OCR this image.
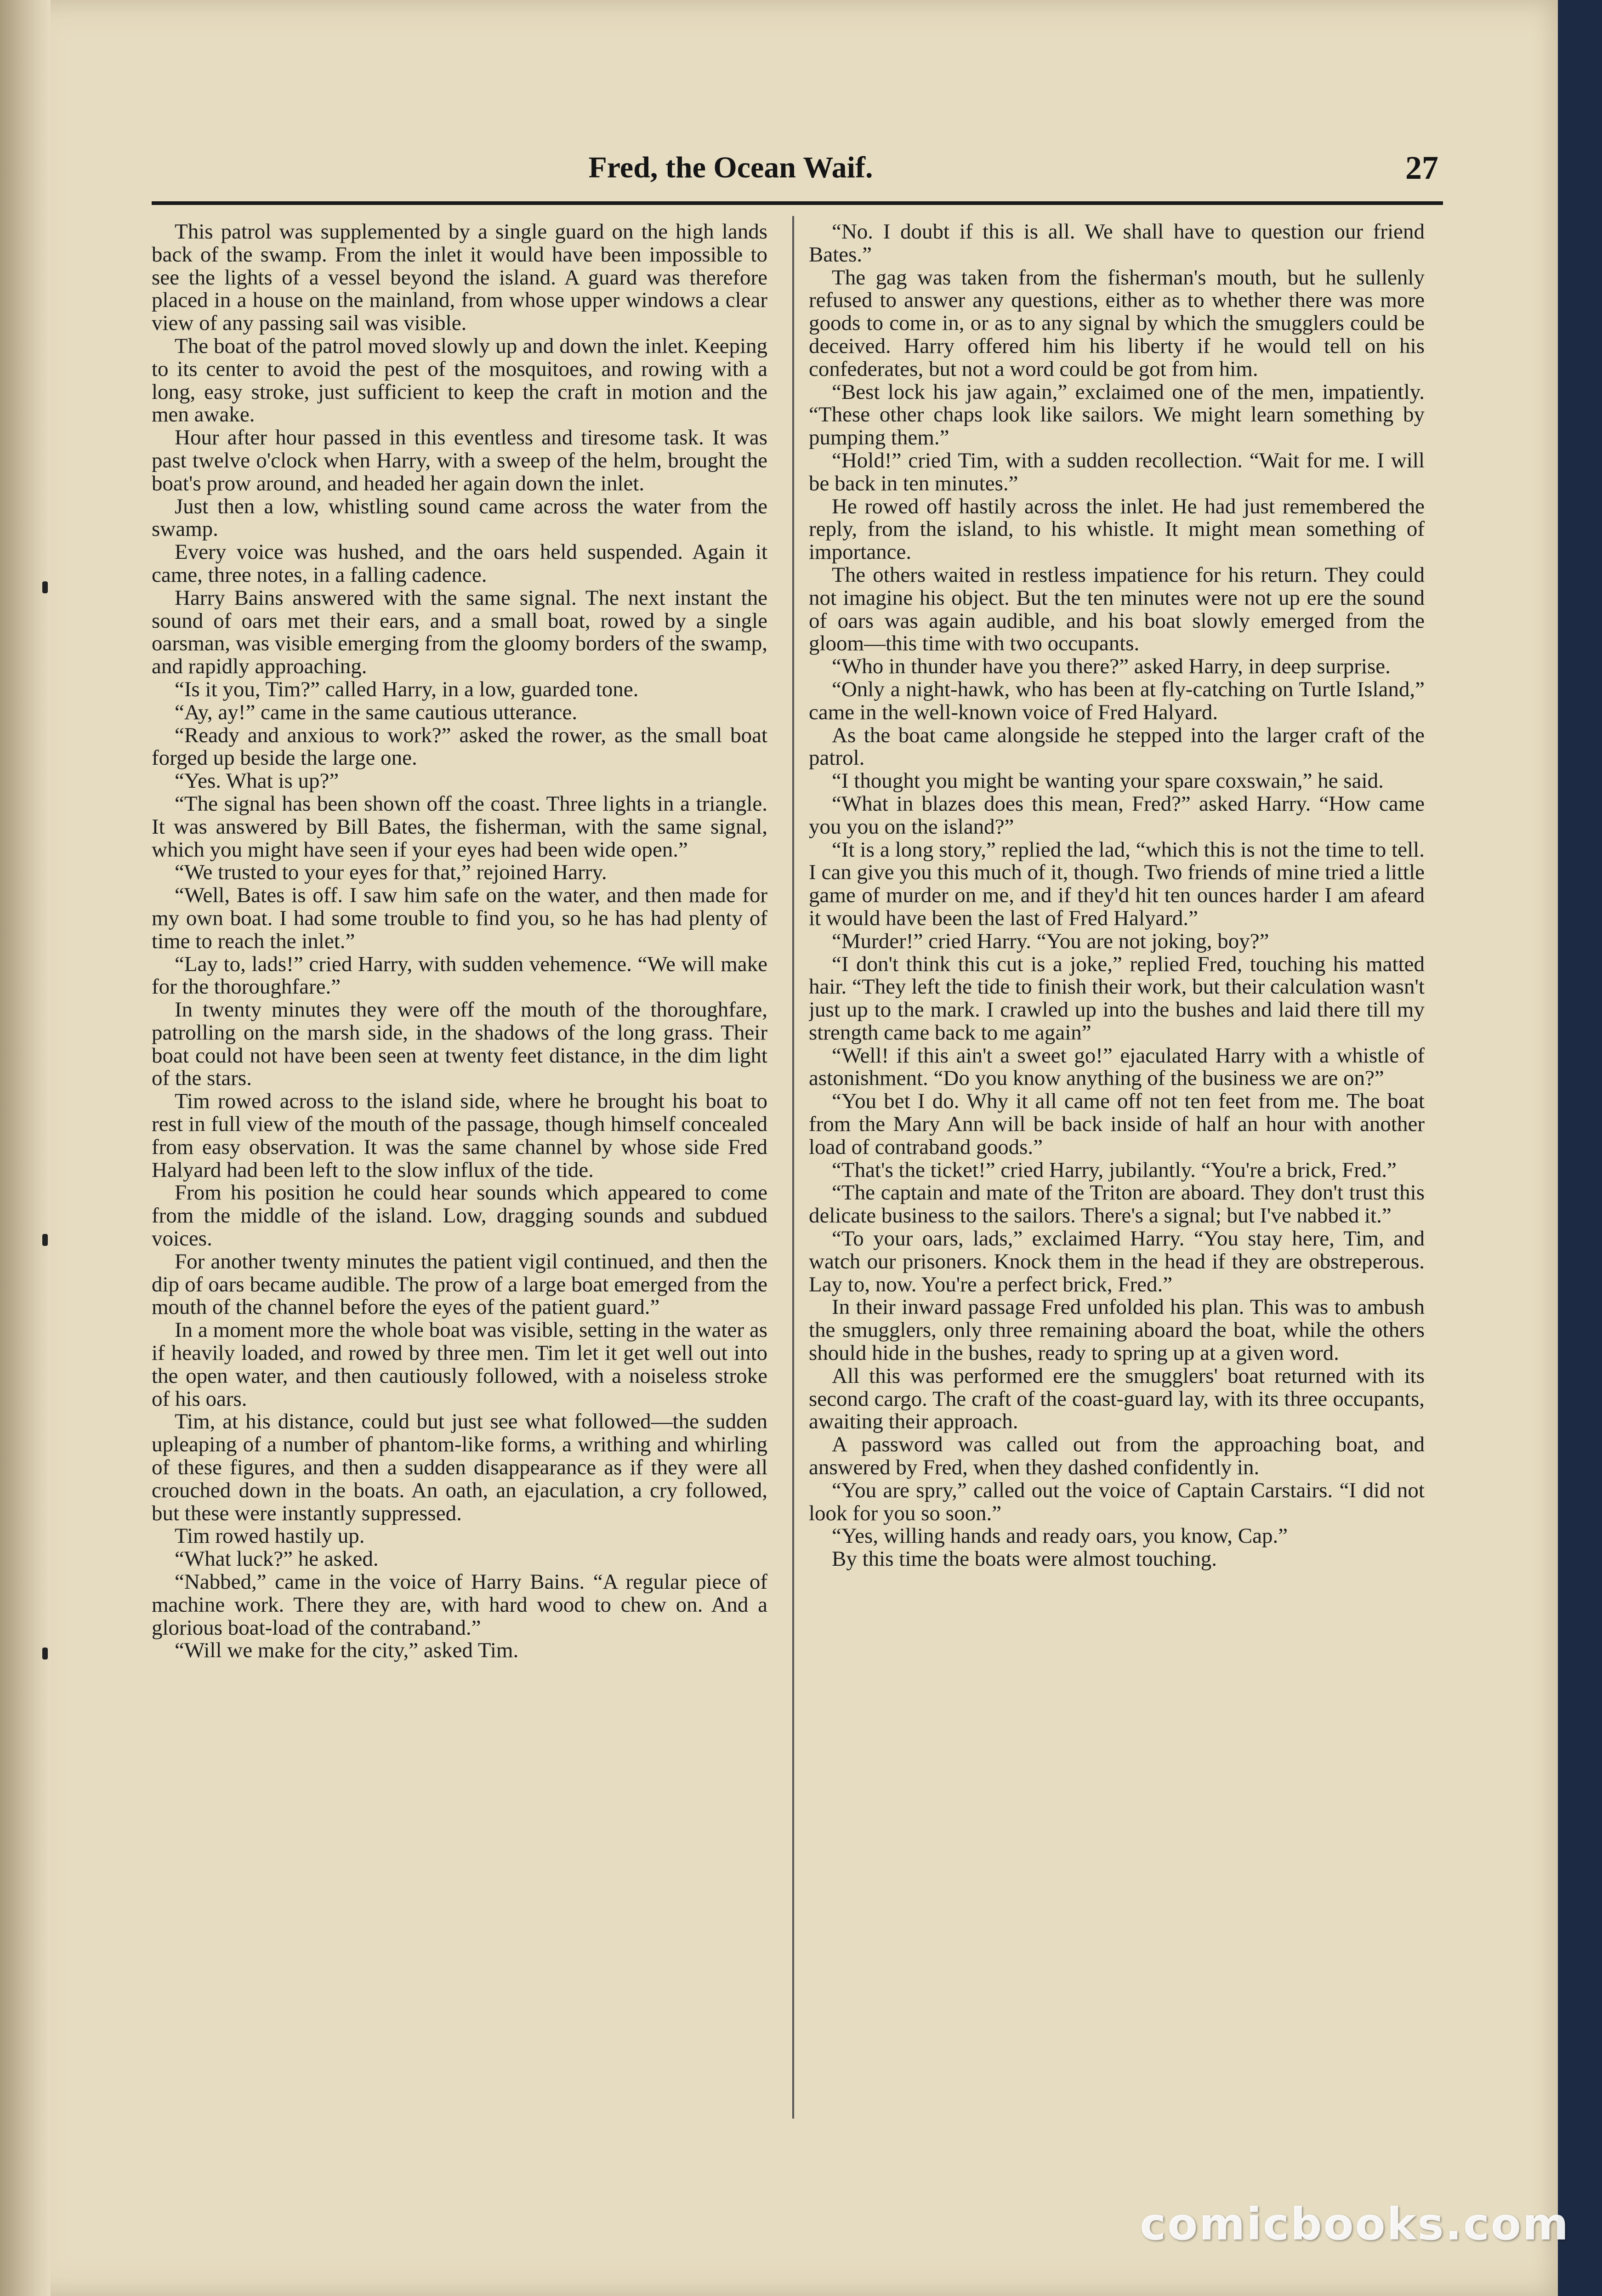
Fred, the Ocean Waif.	27

This patrol was supplemented by a single guard on the high lands back of the swamp. From the inlet it would have been impossible to see the lights of a vessel beyond the island. A guard was therefore placed in a house on the mainland, from whose upper windows a clear view of any passing sail was visible.

The boat of the patrol moved slowly up and down the inlet. Keeping to its center to avoid the pest of the mosquitoes, and rowing with a long, easy stroke, just sufficient to keep the craft in motion and the men awake.

Hour after hour passed in this eventless and tiresome task. It was past twelve o'clock when Harry, with a sweep of the helm, brought the boat's prow around, and headed her again down the inlet.

Just then a low, whistling sound came across the water from the swamp.

Every voice was hushed, and the oars held suspended. Again it came, three notes, in a falling cadence.

Harry Bains answered with the same signal. The next instant the sound of oars met their ears, and a small boat, rowed by a single oarsman, was visible emerging from the gloomy borders of the swamp, and rapidly approaching.

“Is it you, Tim?” called Harry, in a low, guarded tone.

“Ay, ay!” came in the same cautious utterance.

“Ready and anxious to work?” asked the rower, as the small boat forged up beside the large one.

“Yes. What is up?”

“The signal has been shown off the coast. Three lights in a triangle. It was answered by Bill Bates, the fisherman, with the same signal, which you might have seen if your eyes had been wide open.”

“We trusted to your eyes for that,” rejoined Harry.

“Well, Bates is off. I saw him safe on the water, and then made for my own boat. I had some trouble to find you, so he has had plenty of time to reach the inlet.”

“Lay to, lads!” cried Harry, with sudden vehemence. “We will make for the thoroughfare.”

In twenty minutes they were off the mouth of the thoroughfare, patrolling on the marsh side, in the shadows of the long grass. Their boat could not have been seen at twenty feet distance, in the dim light of the stars.

Tim rowed across to the island side, where he brought his boat to rest in full view of the mouth of the passage, though himself concealed from easy observation. It was the same channel by whose side Fred Halyard had been left to the slow influx of the tide.

From his position he could hear sounds which appeared to come from the middle of the island. Low, dragging sounds and subdued voices.

For another twenty minutes the patient vigil continued, and then the dip of oars became audible. The prow of a large boat emerged from the mouth of the channel before the eyes of the patient guard.”

In a moment more the whole boat was visible, setting in the water as if heavily loaded, and rowed by three men. Tim let it get well out into the open water, and then cautiously followed, with a noiseless stroke of his oars.

Tim, at his distance, could but just see what followed—the sudden upleaping of a number of phantom-like forms, a writhing and whirling of these figures, and then a sudden disappearance as if they were all crouched down in the boats. An oath, an ejaculation, a cry followed, but these were instantly suppressed.

Tim rowed hastily up.

“What luck?” he asked.

“Nabbed,” came in the voice of Harry Bains. “A regular piece of machine work. There they are, with hard wood to chew on. And a glorious boat-load of the contraband.”

“Will we make for the city,” asked Tim.

“No. I doubt if this is all. We shall have to question our friend Bates.”

The gag was taken from the fisherman's mouth, but he sullenly refused to answer any questions, either as to whether there was more goods to come in, or as to any signal by which the smugglers could be deceived. Harry offered him his liberty if he would tell on his confederates, but not a word could be got from him.

“Best lock his jaw again,” exclaimed one of the men, impatiently. “These other chaps look like sailors. We might learn something by pumping them.”

“Hold!” cried Tim, with a sudden recollection. “Wait for me. I will be back in ten minutes.”

He rowed off hastily across the inlet. He had just remembered the reply, from the island, to his whistle. It might mean something of importance.

The others waited in restless impatience for his return. They could not imagine his object. But the ten minutes were not up ere the sound of oars was again audible, and his boat slowly emerged from the gloom—this time with two occupants.

“Who in thunder have you there?” asked Harry, in deep surprise.

“Only a night-hawk, who has been at fly-catching on Turtle Island,” came in the well-known voice of Fred Halyard.

As the boat came alongside he stepped into the larger craft of the patrol.

“I thought you might be wanting your spare coxswain,” he said.

“What in blazes does this mean, Fred?” asked Harry. “How came you you on the island?”

“It is a long story,” replied the lad, “which this is not the time to tell. I can give you this much of it, though. Two friends of mine tried a little game of murder on me, and if they'd hit ten ounces harder I am afeard it would have been the last of Fred Halyard.”

“Murder!” cried Harry. “You are not joking, boy?”

“I don't think this cut is a joke,” replied Fred, touching his matted hair. “They left the tide to finish their work, but their calculation wasn't just up to the mark. I crawled up into the bushes and laid there till my strength came back to me again”

“Well! if this ain't a sweet go!” ejaculated Harry with a whistle of astonishment. “Do you know anything of the business we are on?”

“You bet I do. Why it all came off not ten feet from me. The boat from the Mary Ann will be back inside of half an hour with another load of contraband goods.”

“That's the ticket!” cried Harry, jubilantly. “You're a brick, Fred.”

“The captain and mate of the Triton are aboard. They don't trust this delicate business to the sailors. There's a signal; but I've nabbed it.”

“To your oars, lads,” exclaimed Harry. “You stay here, Tim, and watch our prisoners. Knock them in the head if they are obstreperous. Lay to, now. You're a perfect brick, Fred.”

In their inward passage Fred unfolded his plan. This was to ambush the smugglers, only three remaining aboard the boat, while the others should hide in the bushes, ready to spring up at a given word.

All this was performed ere the smugglers' boat returned with its second cargo. The craft of the coast-guard lay, with its three occupants, awaiting their approach.

A password was called out from the approaching boat, and answered by Fred, when they dashed confidently in.

“You are spry,” called out the voice of Captain Carstairs. “I did not look for you so soon.”

“Yes, willing hands and ready oars, you know, Cap.”

By this time the boats were almost touching.

comicbooks.com
